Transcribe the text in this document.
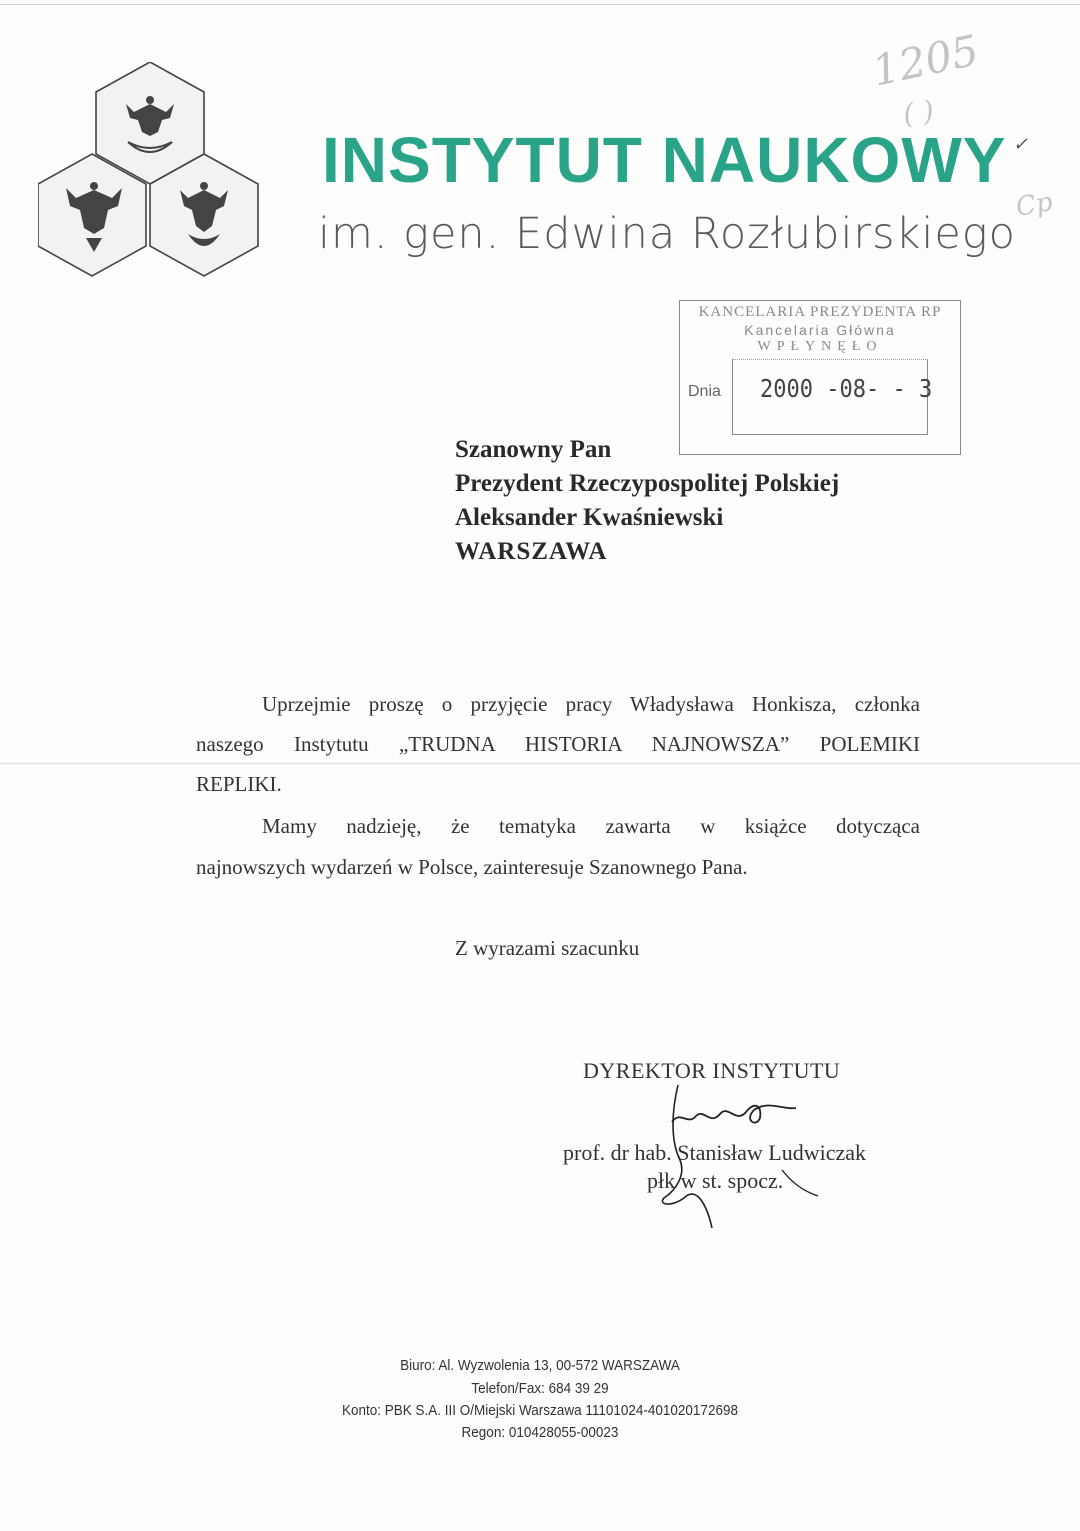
INSTYTUT NAUKOWY
im. gen. Edwina Rozłubirskiego
1205
( )
Cp
✓
KANCELARIA PREZYDENTA RP
Kancelaria Główna
WPŁYNĘŁO
Dnia 2000 -08- - 3
Szanowny Pan
Prezydent Rzeczypospolitej Polskiej
Aleksander Kwaśniewski
WARSZAWA
Uprzejmie proszę o przyjęcie pracy Władysława Honkisza, członka
naszego Instytutu „TRUDNA HISTORIA NAJNOWSZA” POLEMIKI
REPLIKI.
Mamy nadzieję, że tematyka zawarta w książce dotycząca
najnowszych wydarzeń w Polsce, zainteresuje Szanownego Pana.
Z wyrazami szacunku
DYREKTOR INSTYTUTU
prof. dr hab. Stanisław Ludwiczak
płk w st. spocz.
Biuro: Al. Wyzwolenia 13, 00-572 WARSZAWA
Telefon/Fax: 684 39 29
Konto: PBK S.A. III O/Miejski Warszawa 11101024-401020172698
Regon: 010428055-00023
